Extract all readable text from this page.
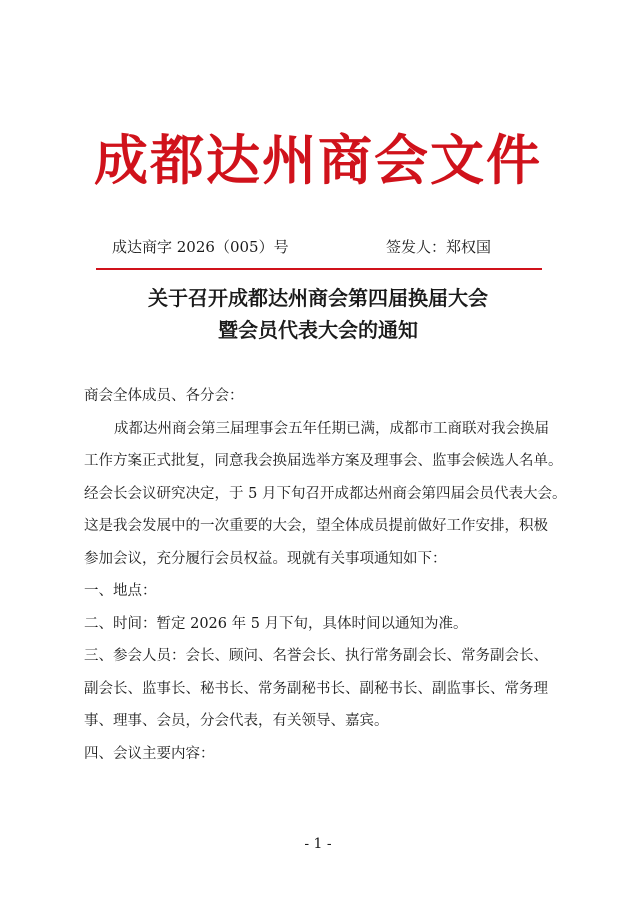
成都达州商会文件
成达商字 2026（005）号	签发人：郑权国
关于召开成都达州商会第四届换届大会
暨会员代表大会的通知
商会全体成员、各分会：
成都达州商会第三届理事会五年任期已满，成都市工商联对我会换届
工作方案正式批复，同意我会换届选举方案及理事会、监事会候选人名单。
经会长会议研究决定，于 5 月下旬召开成都达州商会第四届会员代表大会。
这是我会发展中的一次重要的大会，望全体成员提前做好工作安排，积极
参加会议，充分履行会员权益。现就有关事项通知如下：
一、地点：
二、时间：暂定 2026 年 5 月下旬，具体时间以通知为准。
三、参会人员：会长、顾问、名誉会长、执行常务副会长、常务副会长、
副会长、监事长、秘书长、常务副秘书长、副秘书长、副监事长、常务理
事、理事、会员，分会代表，有关领导、嘉宾。
四、会议主要内容：
- 1 -
